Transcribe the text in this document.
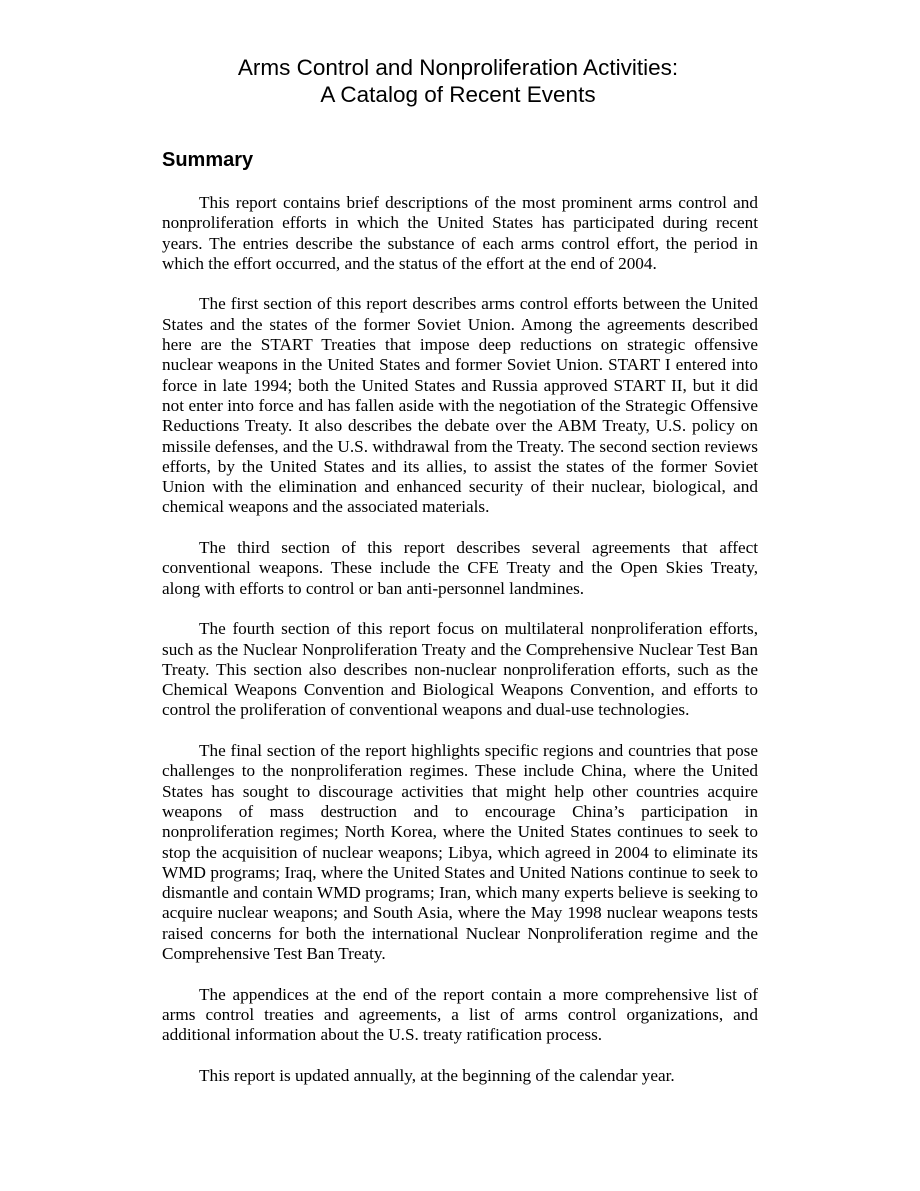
Arms Control and Nonproliferation Activities:
A Catalog of Recent Events
Summary

This report contains brief descriptions of the most prominent arms control and nonproliferation efforts in which the United States has participated during recent years. The entries describe the substance of each arms control effort, the period in which the effort occurred, and the status of the effort at the end of 2004.

The first section of this report describes arms control efforts between the United States and the states of the former Soviet Union. Among the agreements described here are the START Treaties that impose deep reductions on strategic offensive nuclear weapons in the United States and former Soviet Union. START I entered into force in late 1994; both the United States and Russia approved START II, but it did not enter into force and has fallen aside with the negotiation of the Strategic Offensive Reductions Treaty. It also describes the debate over the ABM Treaty, U.S. policy on missile defenses, and the U.S. withdrawal from the Treaty. The second section reviews efforts, by the United States and its allies, to assist the states of the former Soviet Union with the elimination and enhanced security of their nuclear, biological, and chemical weapons and the associated materials.

The third section of this report describes several agreements that affect conventional weapons. These include the CFE Treaty and the Open Skies Treaty, along with efforts to control or ban anti-personnel landmines.

The fourth section of this report focus on multilateral nonproliferation efforts, such as the Nuclear Nonproliferation Treaty and the Comprehensive Nuclear Test Ban Treaty. This section also describes non-nuclear nonproliferation efforts, such as the Chemical Weapons Convention and Biological Weapons Convention, and efforts to control the proliferation of conventional weapons and dual-use technologies.

The final section of the report highlights specific regions and countries that pose challenges to the nonproliferation regimes. These include China, where the United States has sought to discourage activities that might help other countries acquire weapons of mass destruction and to encourage China’s participation in nonproliferation regimes; North Korea, where the United States continues to seek to stop the acquisition of nuclear weapons; Libya, which agreed in 2004 to eliminate its WMD programs; Iraq, where the United States and United Nations continue to seek to dismantle and contain WMD programs; Iran, which many experts believe is seeking to acquire nuclear weapons; and South Asia, where the May 1998 nuclear weapons tests raised concerns for both the international Nuclear Nonproliferation regime and the Comprehensive Test Ban Treaty.

The appendices at the end of the report contain a more comprehensive list of arms control treaties and agreements, a list of arms control organizations, and additional information about the U.S. treaty ratification process.

This report is updated annually, at the beginning of the calendar year.
